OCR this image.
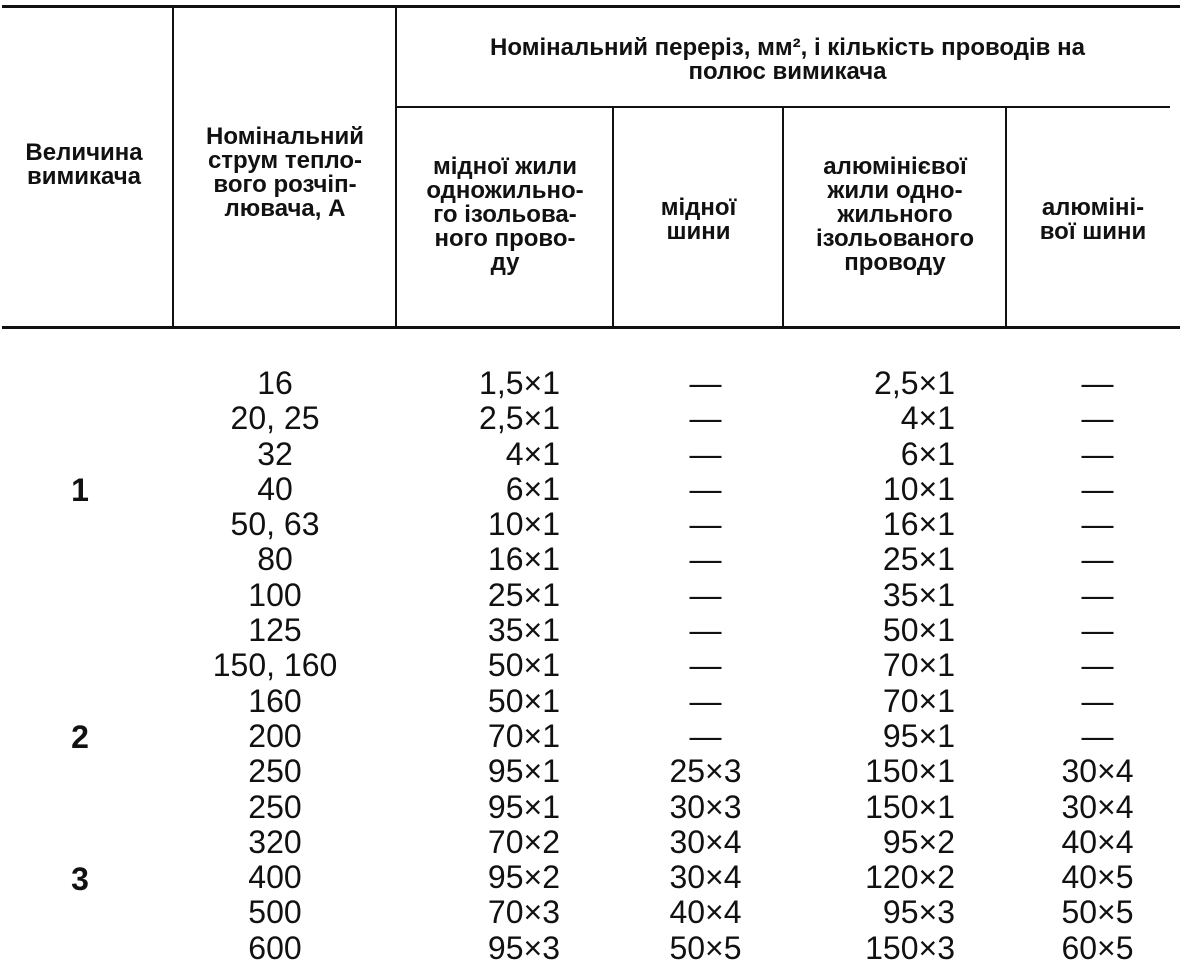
Величина
вимикача
Номінальний
струм тепло-
вого розчіп-
лювача, А
Номінальний переріз, мм², і кількість проводів на
полюс вимикача
мідної жили
одножильно-
го ізольова-
ного прово-
ду
мідної
шини
алюмінієвої
жили одно-
жильного
ізольованого
проводу
алюміні-
вої шини
1
2
3
16
20, 25
32
40
50, 63
80
100
125
150, 160
160
200
250
250
320
400
500
600
1,5×1
2,5×1
4×1
6×1
10×1
16×1
25×1
35×1
50×1
50×1
70×1
95×1
95×1
70×2
95×2
70×3
95×3
—
—
—
—
—
—
—
—
—
—
—
25×3
30×3
30×4
30×4
40×4
50×5
2,5×1
4×1
6×1
10×1
16×1
25×1
35×1
50×1
70×1
70×1
95×1
150×1
150×1
95×2
120×2
95×3
150×3
—
—
—
—
—
—
—
—
—
—
—
30×4
30×4
40×4
40×5
50×5
60×5
